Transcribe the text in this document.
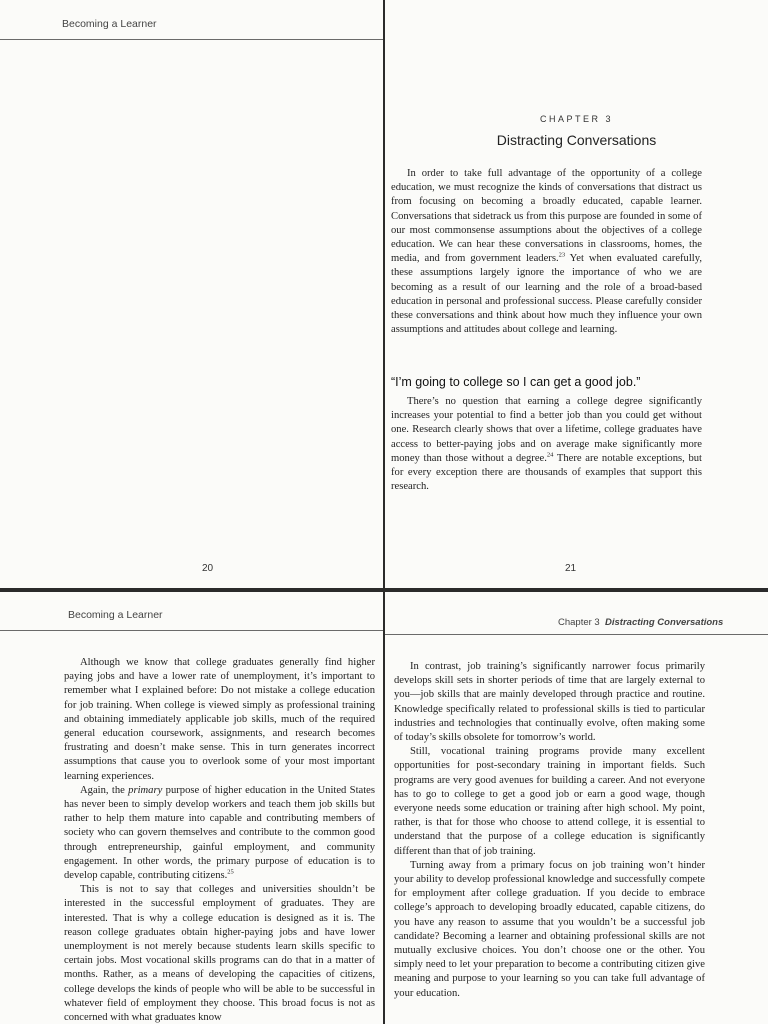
Becoming a Learner
20
CHAPTER 3
Distracting Conversations

In order to take full advantage of the opportunity of a college education, we must recognize the kinds of conversations that distract us from focusing on becoming a broadly educated, capable learner. Conversations that sidetrack us from this purpose are founded in some of our most commonsense assumptions about the objectives of a college education. We can hear these conversations in classrooms, homes, the media, and from government leaders.$^{23}$ Yet when evaluated carefully, these assumptions largely ignore the importance of who we are becoming as a result of our learning and the role of a broad-based education in personal and professional success. Please carefully consider these conversations and think about how much they influence your own assumptions and attitudes about college and learning.

“I’m going to college so I can get a good job.”

There’s no question that earning a college degree significantly increases your potential to find a better job than you could get without one. Research clearly shows that over a lifetime, college graduates have access to better-paying jobs and on average make significantly more money than those without a degree.$^{24}$ There are notable exceptions, but for every exception there are thousands of examples that support this research.

21
Becoming a Learner

Although we know that college graduates generally find higher paying jobs and have a lower rate of unemployment, it’s important to remember what I explained before: Do not mistake a college education for job training. When college is viewed simply as professional training and obtaining immediately applicable job skills, much of the required general education coursework, assignments, and research becomes frustrating and doesn’t make sense. This in turn generates incorrect assumptions that cause you to overlook some of your most important learning experiences.

Again, the primary purpose of higher education in the United States has never been to simply develop workers and teach them job skills but rather to help them mature into capable and contributing members of society who can govern themselves and contribute to the common good through entrepreneurship, gainful employment, and community engagement. In other words, the primary purpose of education is to develop capable, contributing citizens.$^{25}$

This is not to say that colleges and universities shouldn’t be interested in the successful employment of graduates. They are interested. That is why a college education is designed as it is. The reason college graduates obtain higher-paying jobs and have lower unemployment is not merely because students learn skills specific to certain jobs. Most vocational skills programs can do that in a matter of months. Rather, as a means of developing the capacities of citizens, college develops the kinds of people who will be able to be successful in whatever field of employment they choose. This broad focus is not as concerned with what graduates know

Chapter 3 Distracting Conversations

In contrast, job training’s significantly narrower focus primarily develops skill sets in shorter periods of time that are largely external to you—job skills that are mainly developed through practice and routine. Knowledge specifically related to professional skills is tied to particular industries and technologies that continually evolve, often making some of today’s skills obsolete for tomorrow’s world.

Still, vocational training programs provide many excellent opportunities for post-secondary training in important fields. Such programs are very good avenues for building a career. And not everyone has to go to college to get a good job or earn a good wage, though everyone needs some education or training after high school. My point, rather, is that for those who choose to attend college, it is essential to understand that the purpose of a college education is significantly different than that of job training.

Turning away from a primary focus on job training won’t hinder your ability to develop professional knowledge and successfully compete for employment after college graduation. If you decide to embrace college’s approach to developing broadly educated, capable citizens, do you have any reason to assume that you wouldn’t be a successful job candidate? Becoming a learner and obtaining professional skills are not mutually exclusive choices. You don’t choose one or the other. You simply need to let your preparation to become a contributing citizen give meaning and purpose to your learning so you can take full advantage of your education.
